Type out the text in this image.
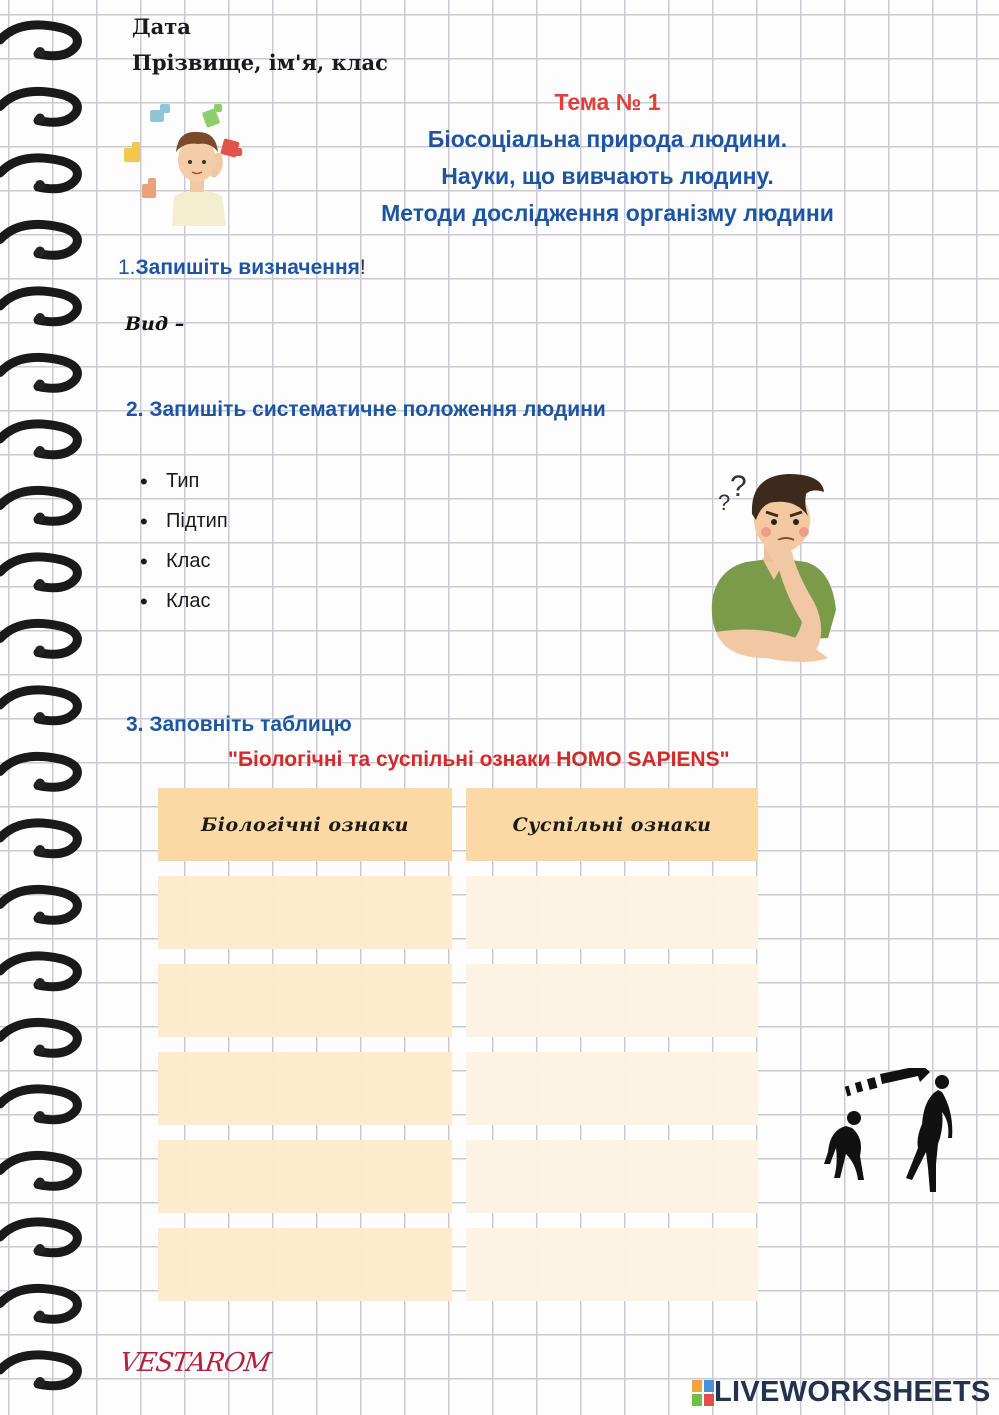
Дата
Прізвище, ім'я, клас
Тема № 1
Біосоціальна природа людини.
Науки, що вивчають людину.
Методи дослідження організму людини
1.Запишіть визначення!
Вид –
2. Запишіть систематичне положення людини
• Тип
• Підтип
• Клас
• Клас
? ?
3. Заповніть таблицю
"Біологічні та суспільні ознаки HOMO SAPIENS"
Біологічні ознаки	Суспільні ознаки
VESTAROM
LIVEWORKSHEETS
